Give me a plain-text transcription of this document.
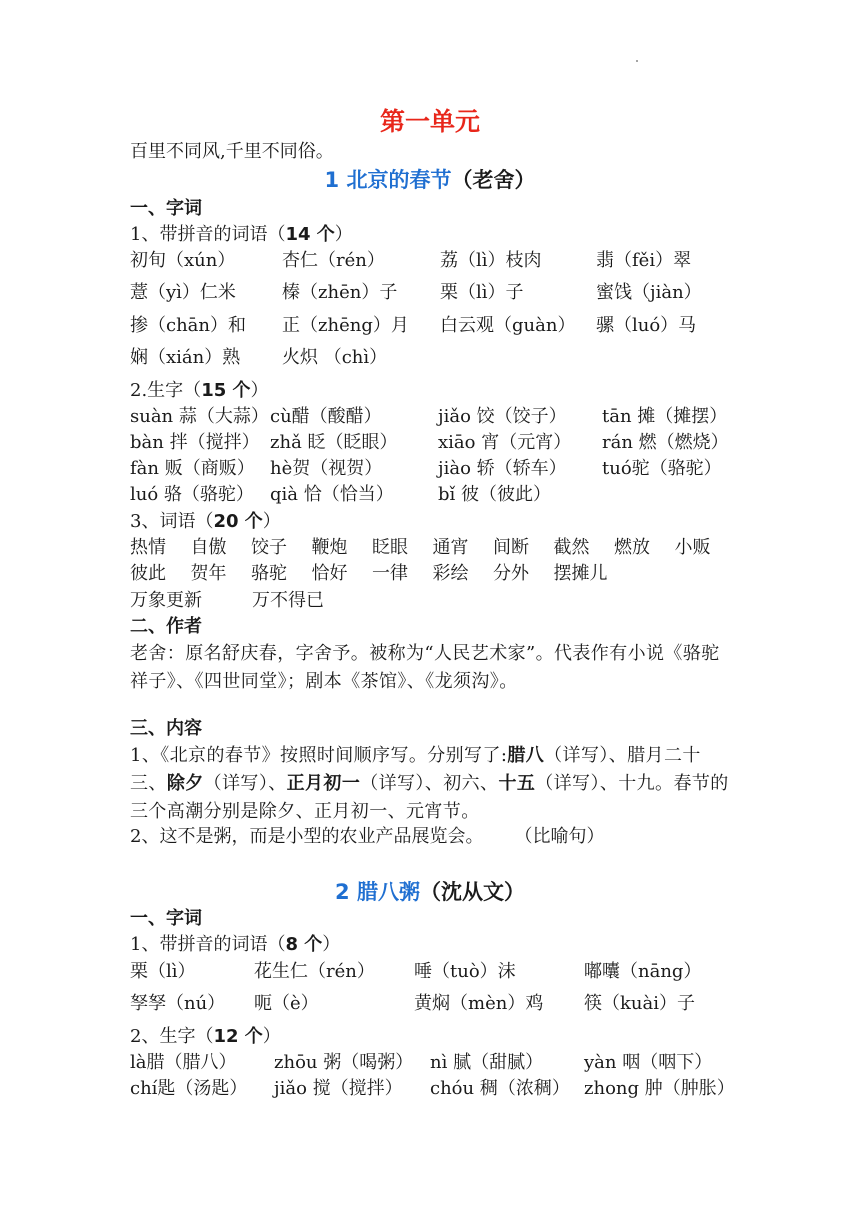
第一单元
百里不同风,千里不同俗。
1 北京的春节（老舍）
一、字词
1、带拼音的词语（14 个）
初旬（xún）	杏仁（rén）	荔（lì）枝肉	翡（fěi）翠
薏（yì）仁米	榛（zhēn）子 栗（lì）子	蜜饯（jiàn）
掺（chān）和 正（zhēng）月 白云观（guàn） 骡（luó）马
娴（xián）熟 火炽 （chì）
2.生字（15 个）
suàn 蒜（大蒜） cù醋（酸醋）	jiǎo 饺（饺子） tān 摊（摊摆）
bàn 拌（搅拌） zhǎ 眨（眨眼） xiāo 宵（元宵） rán 燃（燃烧）
fàn 贩（商贩） hè贺（视贺）	jiào 轿（轿车） tuó驼（骆驼）
luó 骆（骆驼） qià 恰（恰当） bǐ 彼（彼此）
3、词语（20 个）
热情 自傲 饺子 鞭炮 眨眼 通宵 间断 截然 燃放 小贩
彼此 贺年 骆驼 恰好 一律 彩绘 分外 摆摊儿
万象更新	万不得已
二、作者
老舍：原名舒庆春，字舍予。被称为“人民艺术家”。代表作有小说《骆驼祥子》、《四世同堂》；剧本《茶馆》、《龙须沟》。
三、内容
1、《北京的春节》按照时间顺序写。分别写了:腊八（详写）、腊月二十三、除夕（详写）、正月初一（详写）、初六、十五（详写）、十九。春节的三个高潮分别是除夕、正月初一、元宵节。
2、这不是粥，而是小型的农业产品展览会。 （比喻句）
2 腊八粥（沈从文）
一、字词
1、带拼音的词语（8 个）
栗（lì）	花生仁（rén） 唾（tuò）沫	嘟囔（nāng）
孥孥（nú） 呃（è）	黄焖（mèn）鸡 筷（kuài）子
2、生字（12 个）
là腊（腊八） zhōu 粥（喝粥） nì 腻（甜腻） yàn 咽（咽下）
chí匙（汤匙） jiǎo 搅（搅拌） chóu 稠（浓稠） zhong 肿（肿胀）
